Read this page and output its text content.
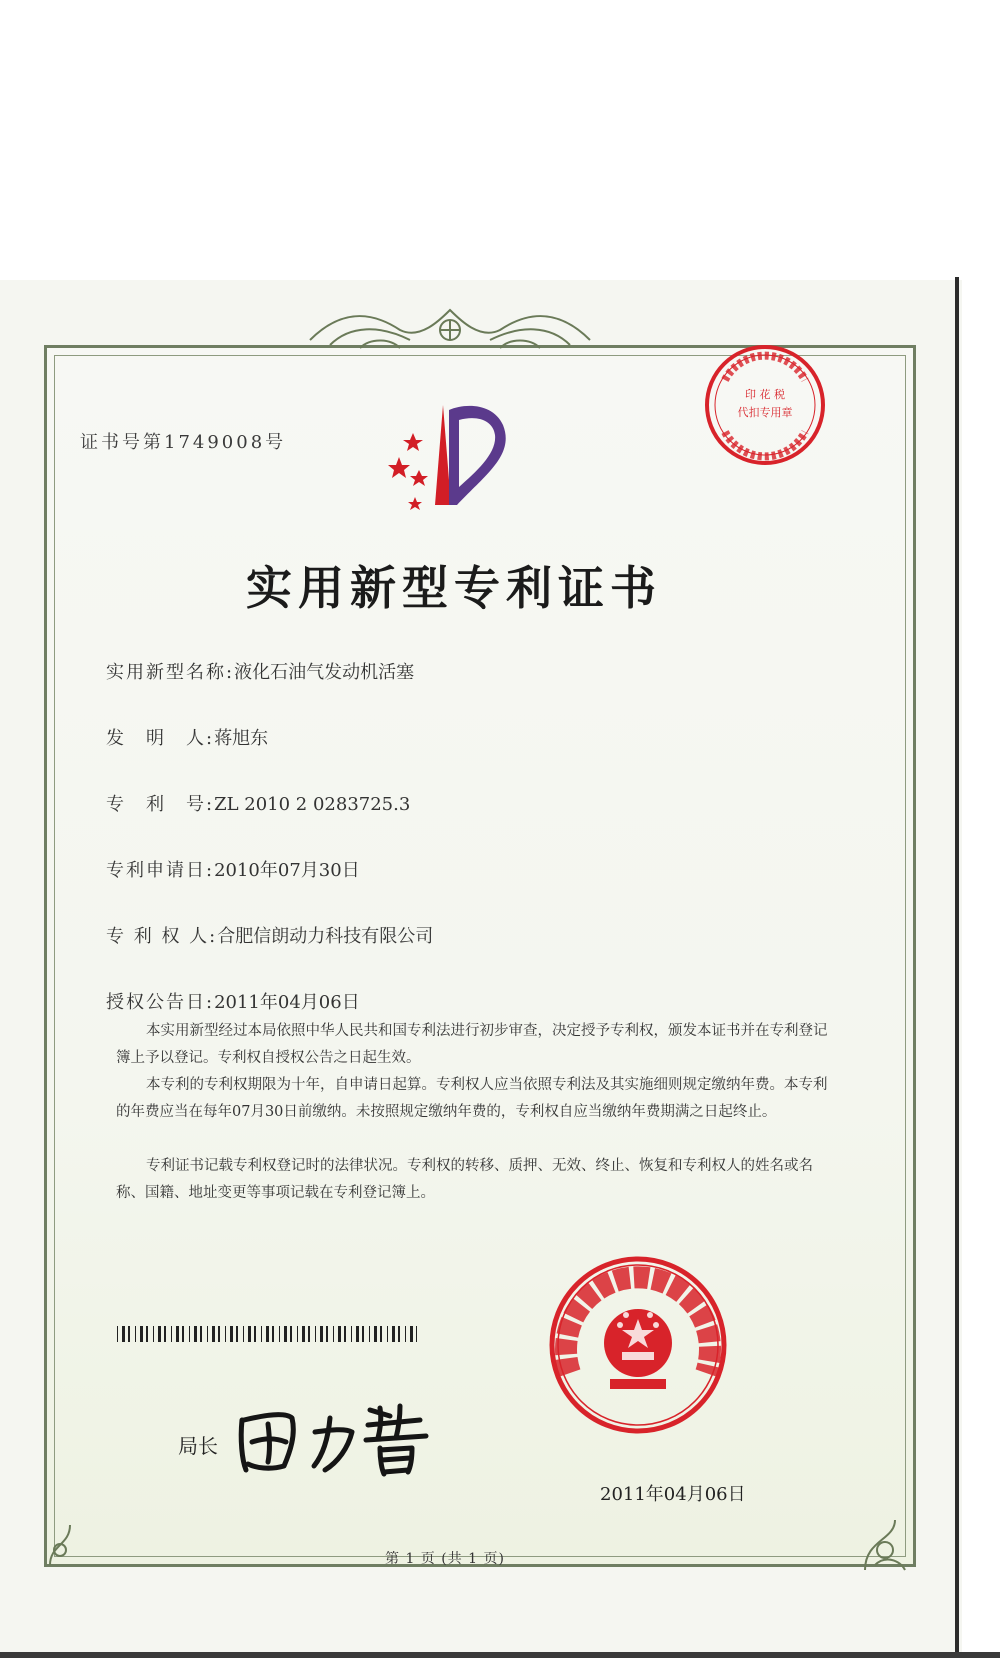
证书号第1749008号
实用新型专利证书
实用新型名称:液化石油气发动机活塞
发　明　人:蒋旭东
专　利　号:ZL 2010 2 0283725.3
专利申请日:2010年07月30日
专 利 权 人:合肥信朗动力科技有限公司
授权公告日:2011年04月06日
本实用新型经过本局依照中华人民共和国专利法进行初步审查，决定授予专利权，颁发本证书并在专利登记簿上予以登记。专利权自授权公告之日起生效。
本专利的专利权期限为十年，自申请日起算。专利权人应当依照专利法及其实施细则规定缴纳年费。本专利的年费应当在每年07月30日前缴纳。未按照规定缴纳年费的，专利权自应当缴纳年费期满之日起终止。
专利证书记载专利权登记时的法律状况。专利权的转移、质押、无效、终止、恢复和专利权人的姓名或名称、国籍、地址变更等事项记载在专利登记簿上。
局长
印 花 税
代扣专用章
2011年04月06日
第 1 页 (共 1 页)
